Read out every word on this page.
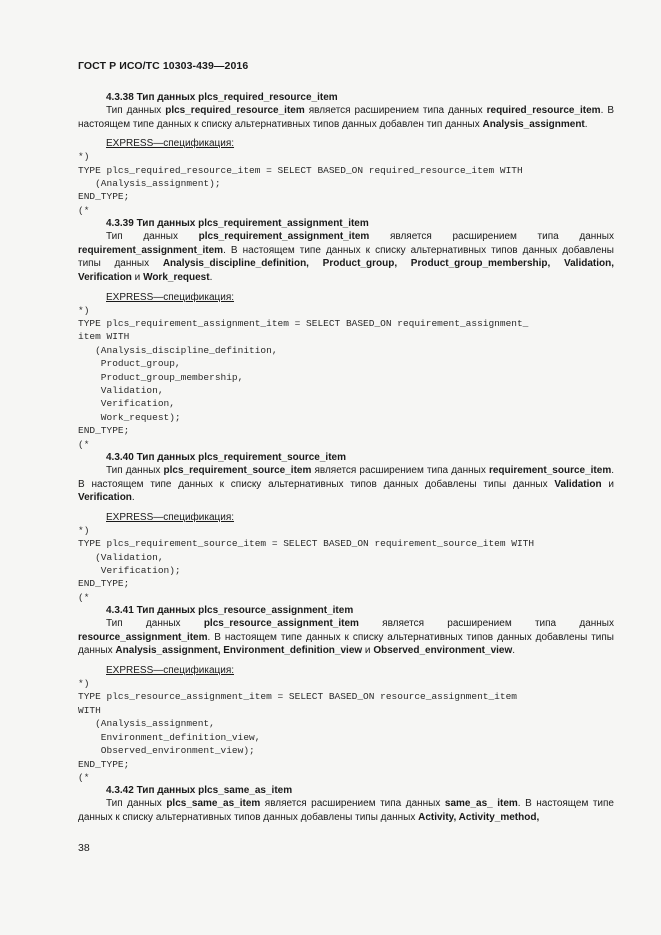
ГОСТ Р ИСО/ТС 10303-439—2016
4.3.38 Тип данных plcs_required_resource_item

Тип данных plcs_required_resource_item является расширением типа данных required_resource_item. В настоящем типе данных к списку альтернативных типов данных добавлен тип данных Analysis_assignment.

EXPRESS—спецификация:
*)
TYPE plcs_required_resource_item = SELECT BASED_ON required_resource_item WITH
(Analysis_assignment);
END_TYPE;
(*
4.3.39 Тип данных plcs_requirement_assignment_item

Тип данных plcs_requirement_assignment_item является расширением типа данных requirement_assignment_item. В настоящем типе данных к списку альтернативных типов данных добавлены типы данных Analysis_discipline_definition, Product_group, Product_group_membership, Validation, Verification и Work_request.

EXPRESS—спецификация:
*)
TYPE plcs_requirement_assignment_item = SELECT BASED_ON requirement_assignment_
item WITH
(Analysis_discipline_definition,
Product_group,
Product_group_membership,
Validation,
Verification,
Work_request);
END_TYPE;
(*
4.3.40 Тип данных plcs_requirement_source_item

Тип данных plcs_requirement_source_item является расширением типа данных requirement_source_item. В настоящем типе данных к списку альтернативных типов данных добавлены типы данных Validation и Verification.

EXPRESS—спецификация:
*)
TYPE plcs_requirement_source_item = SELECT BASED_ON requirement_source_item WITH
(Validation,
Verification);
END_TYPE;
(*
4.3.41 Тип данных plcs_resource_assignment_item

Тип данных plcs_resource_assignment_item является расширением типа данных resource_assignment_item. В настоящем типе данных к списку альтернативных типов данных добавлены типы данных Analysis_assignment, Environment_definition_view и Observed_environment_view.

EXPRESS—спецификация:
*)
TYPE plcs_resource_assignment_item = SELECT BASED_ON resource_assignment_item
WITH
(Analysis_assignment,
Environment_definition_view,
Observed_environment_view);
END_TYPE;
(*
4.3.42 Тип данных plcs_same_as_item

Тип данных plcs_same_as_item является расширением типа данных same_as_ item. В настоящем типе данных к списку альтернативных типов данных добавлены типы данных Activity, Activity_method,

38
